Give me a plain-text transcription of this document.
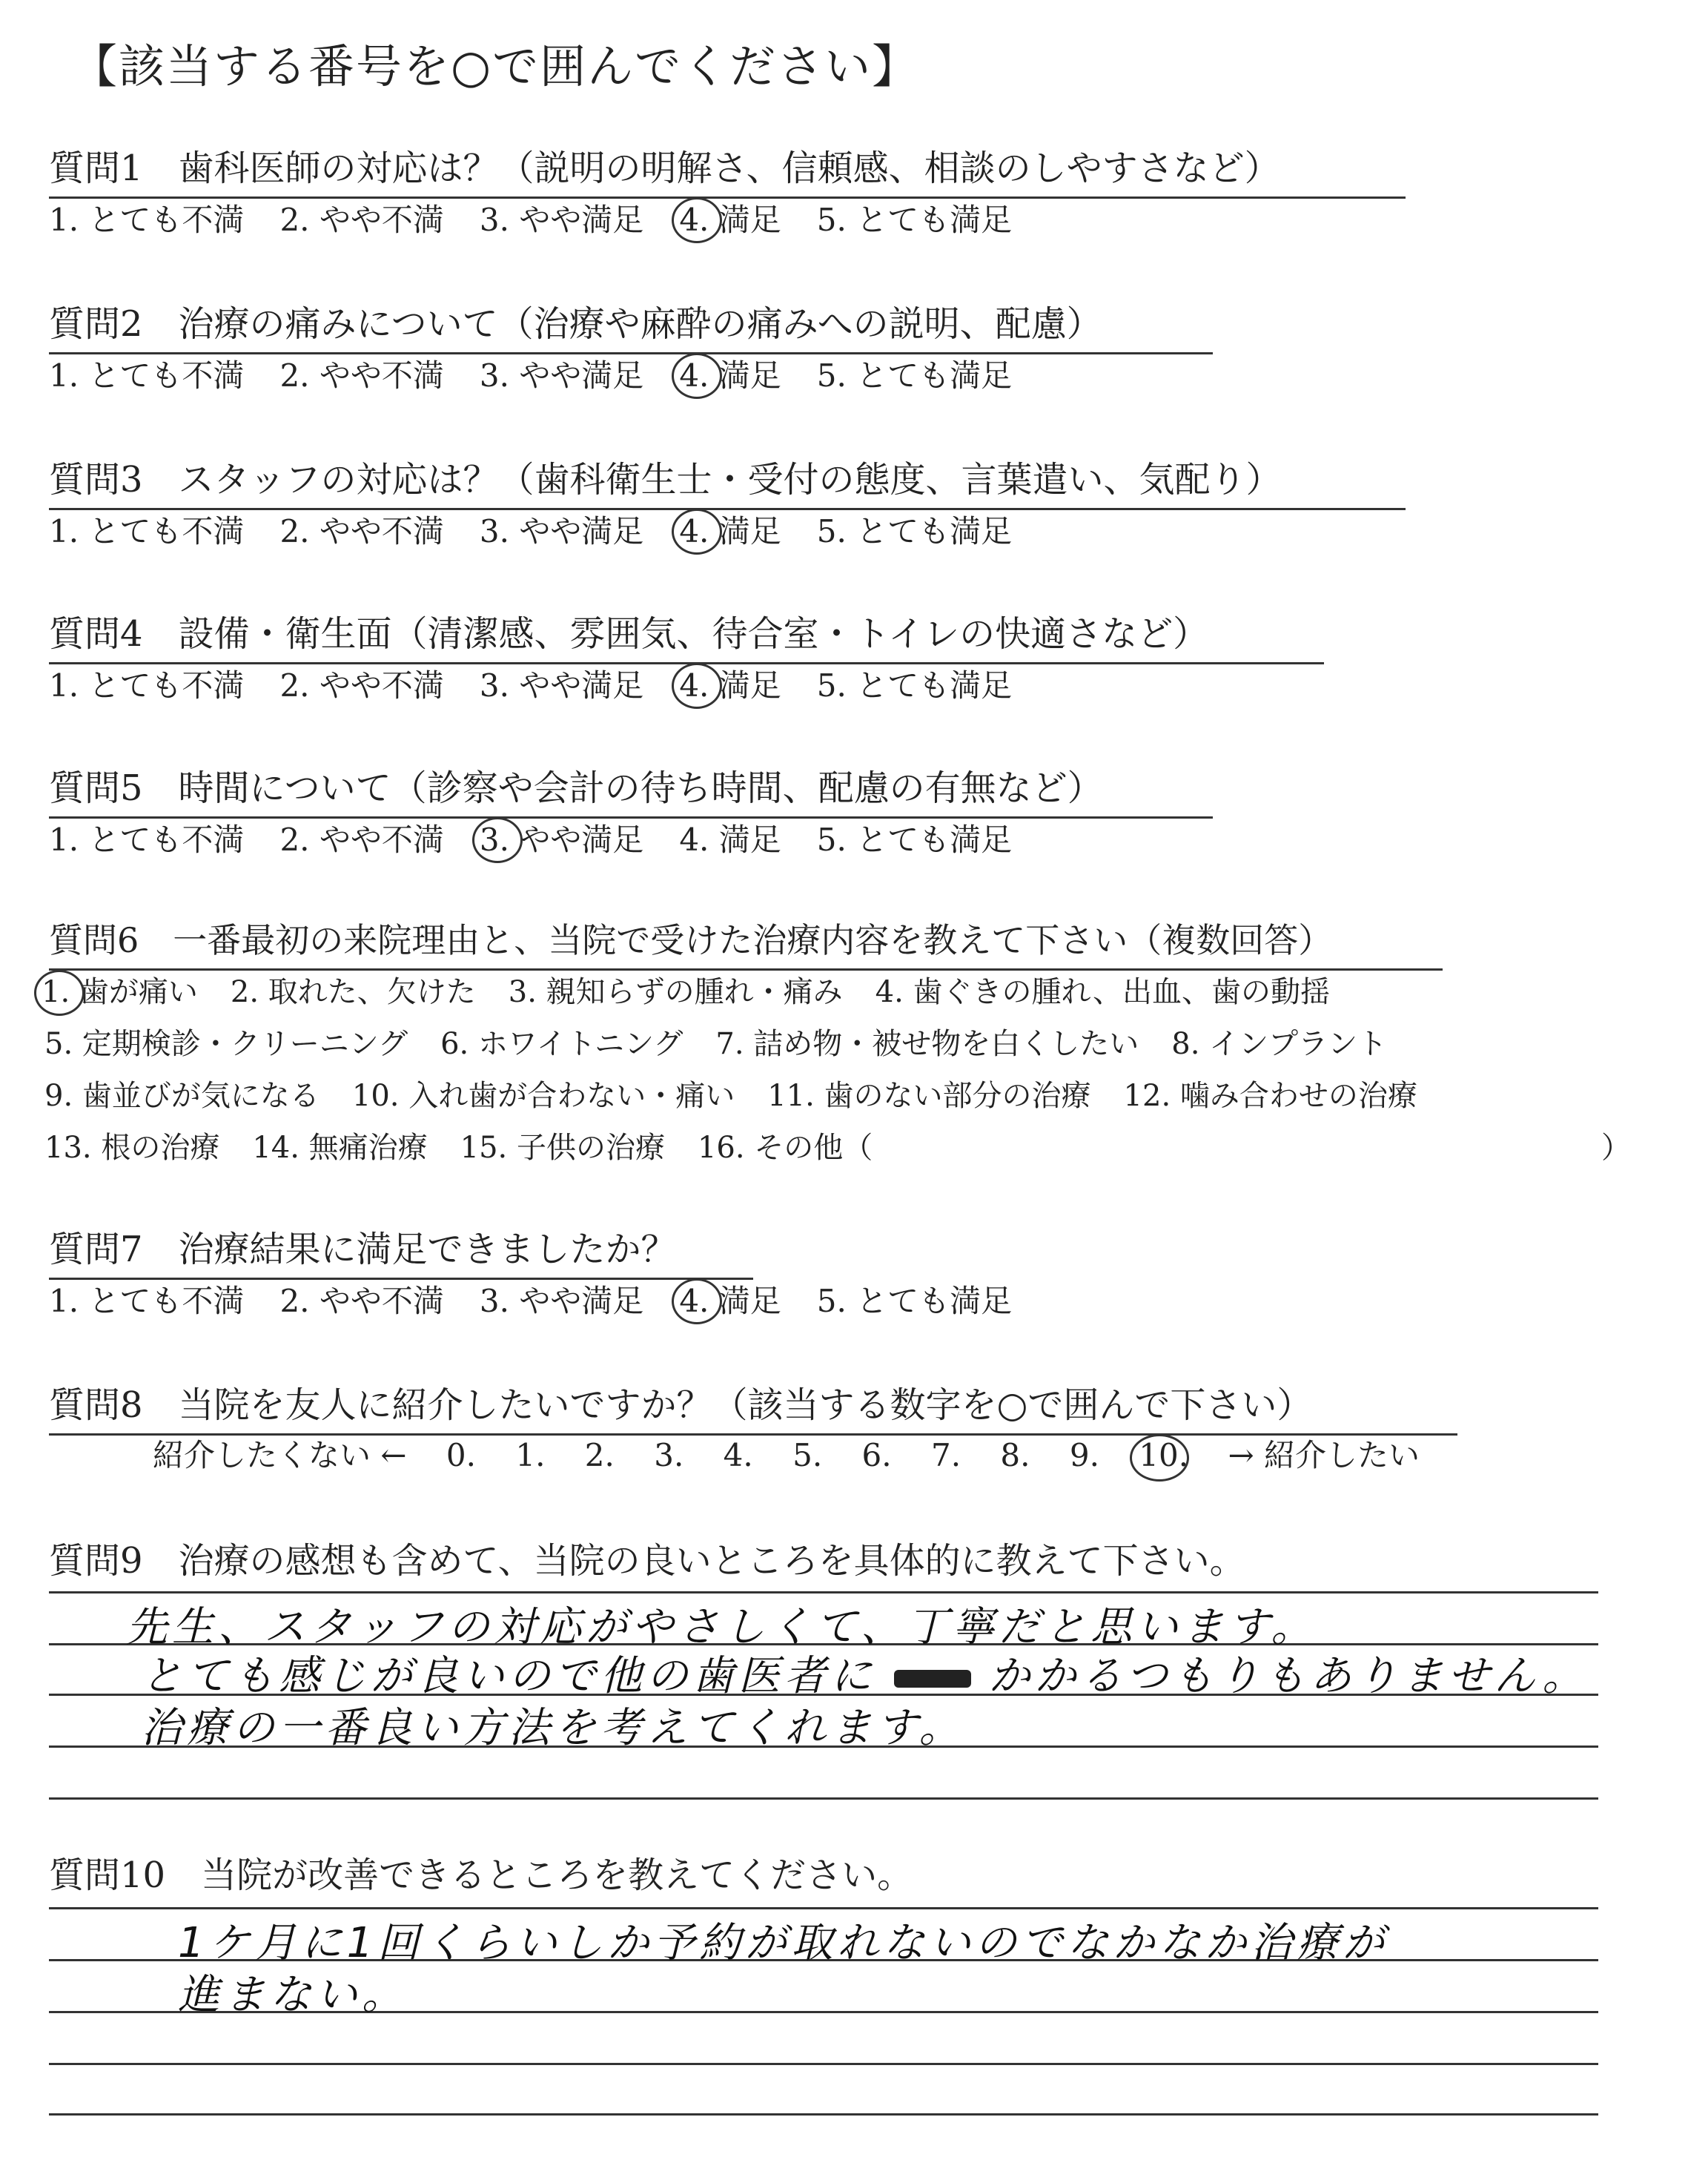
【該当する番号を○で囲んでください】
質問1　歯科医師の対応は？（説明の明解さ、信頼感、相談のしやすさなど）
1. とても不満 2. やや不満 3. やや満足 4. 満足 5. とても満足
質問2　治療の痛みについて（治療や麻酔の痛みへの説明、配慮）
1. とても不満 2. やや不満 3. やや満足 4. 満足 5. とても満足
質問3　スタッフの対応は？（歯科衛生士・受付の態度、言葉遣い、気配り）
1. とても不満 2. やや不満 3. やや満足 4. 満足 5. とても満足
質問4　設備・衛生面（清潔感、雰囲気、待合室・トイレの快適さなど）
1. とても不満 2. やや不満 3. やや満足 4. 満足 5. とても満足
質問5　時間について（診察や会計の待ち時間、配慮の有無など）
1. とても不満 2. やや不満 3. やや満足 4. 満足 5. とても満足
質問6　一番最初の来院理由と、当院で受けた治療内容を教えて下さい（複数回答）
1. 歯が痛い 2. 取れた、欠けた 3. 親知らずの腫れ・痛み 4. 歯ぐきの腫れ、出血、歯の動揺
5. 定期検診・クリーニング 6. ホワイトニング 7. 詰め物・被せ物を白くしたい 8. インプラント
9. 歯並びが気になる 10. 入れ歯が合わない・痛い 11. 歯のない部分の治療 12. 噛み合わせの治療
13. 根の治療 14. 無痛治療 15. 子供の治療 16. その他（	）
質問7　治療結果に満足できましたか？
1. とても不満 2. やや不満 3. やや満足 4. 満足 5. とても満足
質問8　当院を友人に紹介したいですか？（該当する数字を○で囲んで下さい）
紹介したくない ← 0. 1. 2. 3. 4. 5. 6. 7. 8. 9. 10. → 紹介したい
質問9　治療の感想も含めて、当院の良いところを具体的に教えて下さい。
先生、スタッフの対応がやさしくて、丁寧だと思います。
とても感じが良いので他の歯医者に	かかるつもりもありません。
治療の一番良い方法を考えてくれます。
質問10　当院が改善できるところを教えてください。
1ケ月に1回くらいしか予約が取れないのでなかなか治療が
進まない。
